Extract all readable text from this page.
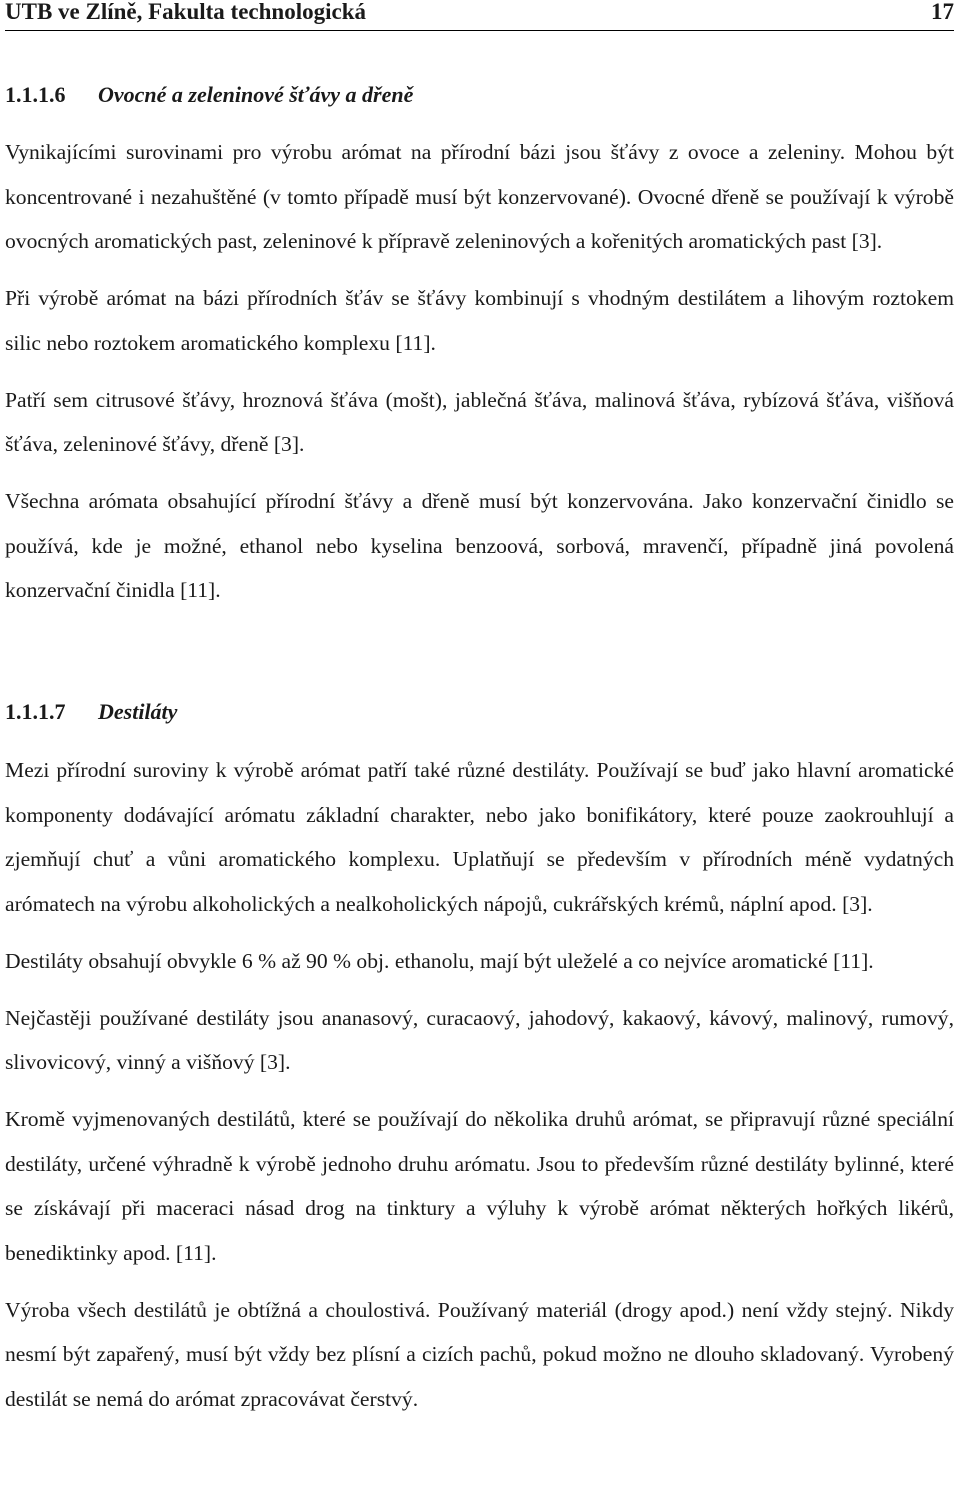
UTB ve Zlíně, Fakulta technologická	17
1.1.1.6 Ovocné a zeleninové šťávy a dřeně

Vynikajícími surovinami pro výrobu arómat na přírodní bázi jsou šťávy z ovoce a zeleniny. Mohou být koncentrované i nezahuštěné (v tomto případě musí být konzervované). Ovocné dřeně se používají k výrobě ovocných aromatických past, zeleninové k přípravě zeleninových a kořenitých aromatických past [3].

Při výrobě arómat na bázi přírodních šťáv se šťávy kombinují s vhodným destilátem a lihovým roztokem silic nebo roztokem aromatického komplexu [11].

Patří sem citrusové šťávy, hroznová šťáva (mošt), jablečná šťáva, malinová šťáva, rybízová šťáva, višňová šťáva, zeleninové šťávy, dřeně [3].

Všechna arómata obsahující přírodní šťávy a dřeně musí být konzervována. Jako konzervační činidlo se používá, kde je možné, ethanol nebo kyselina benzoová, sorbová, mravenčí, případně jiná povolená konzervační činidla [11].

1.1.1.7 Destiláty

Mezi přírodní suroviny k výrobě arómat patří také různé destiláty. Používají se buď jako hlavní aromatické komponenty dodávající arómatu základní charakter, nebo jako bonifikátory, které pouze zaokrouhlují a zjemňují chuť a vůni aromatického komplexu. Uplatňují se především v přírodních méně vydatných arómatech na výrobu alkoholických a nealkoholických nápojů, cukrářských krémů, náplní apod. [3].

Destiláty obsahují obvykle 6 % až 90 % obj. ethanolu, mají být uleželé a co nejvíce aromatické [11].

Nejčastěji používané destiláty jsou ananasový, curacaový, jahodový, kakaový, kávový, malinový, rumový, slivovicový, vinný a višňový [3].

Kromě vyjmenovaných destilátů, které se používají do několika druhů arómat, se připravují různé speciální destiláty, určené výhradně k výrobě jednoho druhu arómatu. Jsou to především různé destiláty bylinné, které se získávají při maceraci násad drog na tinktury a výluhy k výrobě arómat některých hořkých likérů, benediktinky apod. [11].

Výroba všech destilátů je obtížná a choulostivá. Používaný materiál (drogy apod.) není vždy stejný. Nikdy nesmí být zapařený, musí být vždy bez plísní a cizích pachů, pokud možno ne dlouho skladovaný. Vyrobený destilát se nemá do arómat zpracovávat čerstvý.
